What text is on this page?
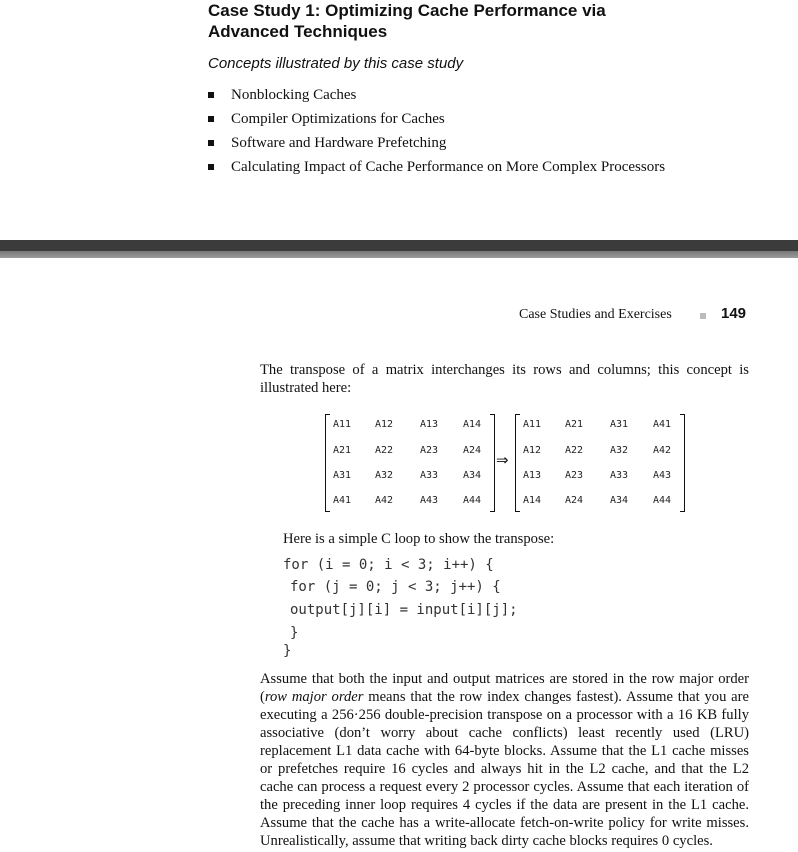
Case Study 1: Optimizing Cache Performance via
Advanced Techniques
Concepts illustrated by this case study
Nonblocking Caches
Compiler Optimizations for Caches
Software and Hardware Prefetching
Calculating Impact of Cache Performance on More Complex Processors
Case Studies and Exercises	149

The transpose of a matrix interchanges its rows and columns; this concept is illustrated here:

A11 A12	A13 A14
A21 A22	A23 A24
A31 A32	A33 A34
A41 A42	A43 A44
⇒
A11 A21	A31 A41
A12 A22	A32 A42
A13 A23	A33 A43
A14 A24	A34 A44
Here is a simple C loop to show the transpose:
for (i = 0; i < 3; i++) {
for (j = 0; j < 3; j++) {
output[j][i] = input[i][j];
}
}

Assume that both the input and output matrices are stored in the row major order (row major order means that the row index changes fastest). Assume that you are executing a 256·256 double-precision transpose on a processor with a 16 KB fully associative (don’t worry about cache conflicts) least recently used (LRU) replacement L1 data cache with 64-byte blocks. Assume that the L1 cache misses or prefetches require 16 cycles and always hit in the L2 cache, and that the L2 cache can process a request every 2 processor cycles. Assume that each iteration of the preceding inner loop requires 4 cycles if the data are present in the L1 cache. Assume that the cache has a write-allocate fetch-on-write policy for write misses. Unrealistically, assume that writing back dirty cache blocks requires 0 cycles.
